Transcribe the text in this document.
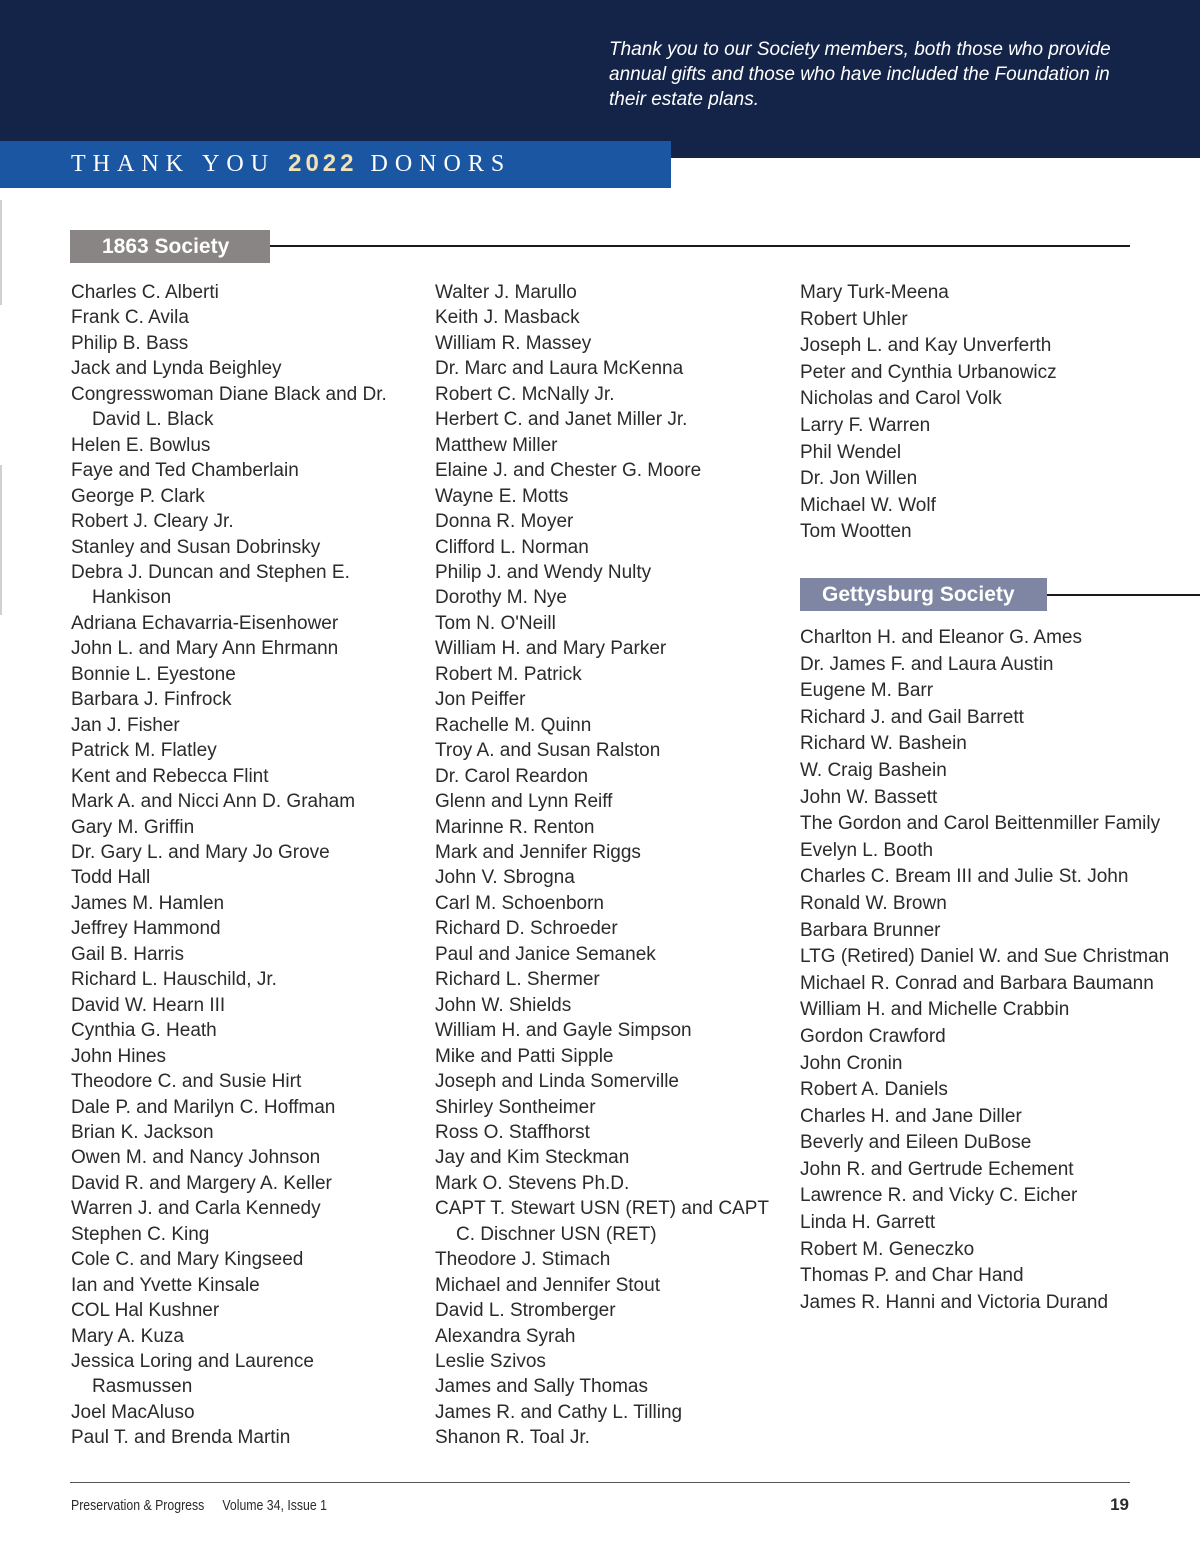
Thank you to our Society members, both those who provide annual gifts and those who have included the Foundation in their estate plans.

THANK YOU 2022 DONORS
1863 Society
Charles C. Alberti
Frank C. Avila
Philip B. Bass
Jack and Lynda Beighley
Congresswoman Diane Black and Dr. David L. Black
Helen E. Bowlus
Faye and Ted Chamberlain
George P. Clark
Robert J. Cleary Jr.
Stanley and Susan Dobrinsky
Debra J. Duncan and Stephen E. Hankison
Adriana Echavarria-Eisenhower
John L. and Mary Ann Ehrmann
Bonnie L. Eyestone
Barbara J. Finfrock
Jan J. Fisher
Patrick M. Flatley
Kent and Rebecca Flint
Mark A. and Nicci Ann D. Graham
Gary M. Griffin
Dr. Gary L. and Mary Jo Grove
Todd Hall
James M. Hamlen
Jeffrey Hammond
Gail B. Harris
Richard L. Hauschild, Jr.
David W. Hearn III
Cynthia G. Heath
John Hines
Theodore C. and Susie Hirt
Dale P. and Marilyn C. Hoffman
Brian K. Jackson
Owen M. and Nancy Johnson
David R. and Margery A. Keller
Warren J. and Carla Kennedy
Stephen C. King
Cole C. and Mary Kingseed
Ian and Yvette Kinsale
COL Hal Kushner
Mary A. Kuza
Jessica Loring and Laurence Rasmussen
Joel MacAluso
Paul T. and Brenda Martin
Walter J. Marullo
Keith J. Masback
William R. Massey
Dr. Marc and Laura McKenna
Robert C. McNally Jr.
Herbert C. and Janet Miller Jr.
Matthew Miller
Elaine J. and Chester G. Moore
Wayne E. Motts
Donna R. Moyer
Clifford L. Norman
Philip J. and Wendy Nulty
Dorothy M. Nye
Tom N. O'Neill
William H. and Mary Parker
Robert M. Patrick
Jon Peiffer
Rachelle M. Quinn
Troy A. and Susan Ralston
Dr. Carol Reardon
Glenn and Lynn Reiff
Marinne R. Renton
Mark and Jennifer Riggs
John V. Sbrogna
Carl M. Schoenborn
Richard D. Schroeder
Paul and Janice Semanek
Richard L. Shermer
John W. Shields
William H. and Gayle Simpson
Mike and Patti Sipple
Joseph and Linda Somerville
Shirley Sontheimer
Ross O. Staffhorst
Jay and Kim Steckman
Mark O. Stevens Ph.D.
CAPT T. Stewart USN (RET) and CAPT C. Dischner USN (RET)
Theodore J. Stimach
Michael and Jennifer Stout
David L. Stromberger
Alexandra Syrah
Leslie Szivos
James and Sally Thomas
James R. and Cathy L. Tilling
Shanon R. Toal Jr.
Mary Turk-Meena
Robert Uhler
Joseph L. and Kay Unverferth
Peter and Cynthia Urbanowicz
Nicholas and Carol Volk
Larry F. Warren
Phil Wendel
Dr. Jon Willen
Michael W. Wolf
Tom Wootten
Gettysburg Society
Charlton H. and Eleanor G. Ames
Dr. James F. and Laura Austin
Eugene M. Barr
Richard J. and Gail Barrett
Richard W. Bashein
W. Craig Bashein
John W. Bassett
The Gordon and Carol Beittenmiller Family
Evelyn L. Booth
Charles C. Bream III and Julie St. John
Ronald W. Brown
Barbara Brunner
LTG (Retired) Daniel W. and Sue Christman
Michael R. Conrad and Barbara Baumann
William H. and Michelle Crabbin
Gordon Crawford
John Cronin
Robert A. Daniels
Charles H. and Jane Diller
Beverly and Eileen DuBose
John R. and Gertrude Echement
Lawrence R. and Vicky C. Eicher
Linda H. Garrett
Robert M. Geneczko
Thomas P. and Char Hand
James R. Hanni and Victoria Durand
Preservation & Progress Volume 34, Issue 1	19
